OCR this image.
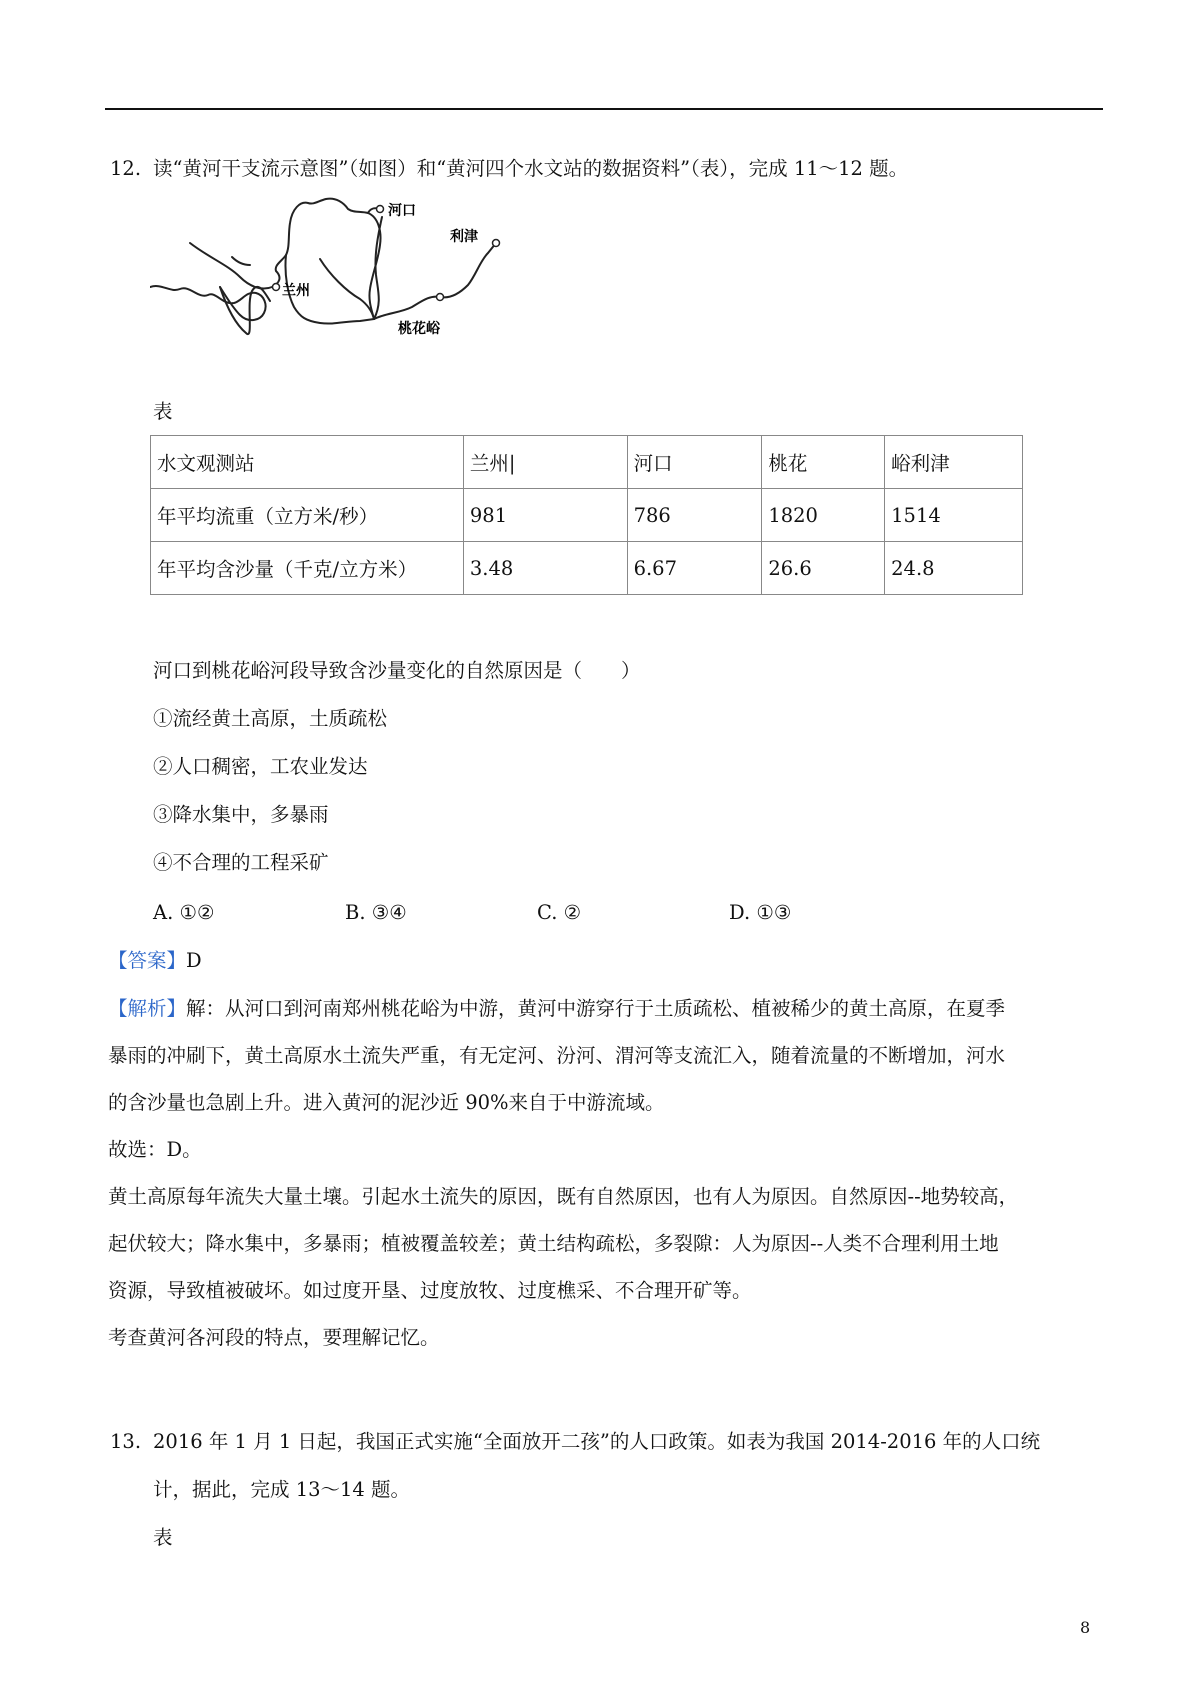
12. 读“黄河干支流示意图”（如图）和“黄河四个水文站的数据资料”（表），完成 11～12 题。
河口
利津
兰州
桃花峪
表
水文观测站	兰州|	河口	桃花	峪利津
年平均流重（立方米/秒）	981	786	1820	1514
年平均含沙量（千克/立方米）	3.48	6.67	26.6	24.8
河口到桃花峪河段导致含沙量变化的自然原因是（　　）
①流经黄土高原，土质疏松
②人口稠密，工农业发达
③降水集中，多暴雨
④不合理的工程采矿
A. ①②	B. ③④	C. ②	D. ①③
【答案】D
【解析】解：从河口到河南郑州桃花峪为中游，黄河中游穿行于土质疏松、植被稀少的黄土高原，在夏季
暴雨的冲刷下，黄土高原水土流失严重，有无定河、汾河、渭河等支流汇入，随着流量的不断增加，河水
的含沙量也急剧上升。进入黄河的泥沙近 90%来自于中游流域。
故选：D。
黄土高原每年流失大量土壤。引起水土流失的原因，既有自然原因，也有人为原因。自然原因--地势较高，
起伏较大；降水集中，多暴雨；植被覆盖较差；黄土结构疏松，多裂隙：人为原因--人类不合理利用土地
资源，导致植被破坏。如过度开垦、过度放牧、过度樵采、不合理开矿等。
考查黄河各河段的特点，要理解记忆。
13. 2016 年 1 月 1 日起，我国正式实施“全面放开二孩”的人口政策。如表为我国 2014-2016 年的人口统
计，据此，完成 13～14 题。
表
8
